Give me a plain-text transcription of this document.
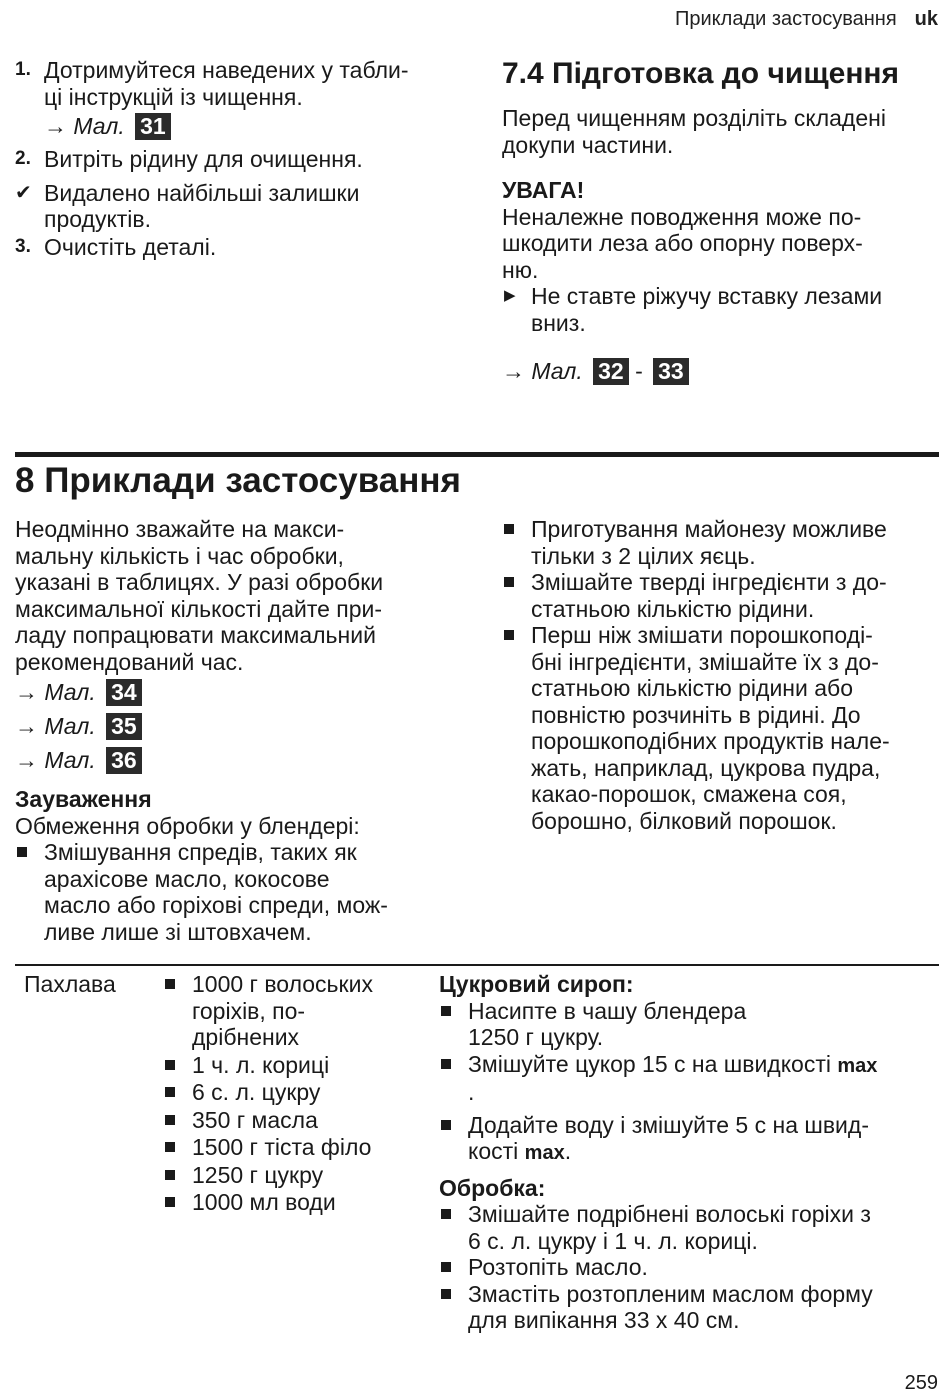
Приклади застосування uk
1. Дотримуйтеся наведених у табли-
ці інструкцій із чищення.
→ Мал. 31
2. Витріть рідину для очищення.
✔ Видалено найбільші залишки
продуктів.
3. Очистіть деталі.
7.4 Підготовка до чищення
Перед чищенням розділіть складені
докупи частини.
УВАГА!
Неналежне поводження може по-
шкодити леза або опорну поверх-
ню.
▶ Не ставте ріжучу вставку лезами
вниз.
→ Мал. 32 - 33
8 Приклади застосування
Неодмінно зважайте на макси-
мальну кількість і час обробки,
указані в таблицях. У разі обробки
максимальної кількості дайте при-
ладу попрацювати максимальний
рекомендований час.
→ Мал. 34
→ Мал. 35
→ Мал. 36
Зауваження
Обмеження обробки у блендері:
Змішування спредів, таких як
арахісове масло, кокосове
масло або горіхові спреди, мож-
ливе лише зі штовхачем.
Приготування майонезу можливе
тільки з 2 цілих яєць.
Змішайте тверді інгредієнти з до-
статньою кількістю рідини.
Перш ніж змішати порошкоподі-
бні інгредієнти, змішайте їх з до-
статньою кількістю рідини або
повністю розчиніть в рідині. До
порошкоподібних продуктів нале-
жать, наприклад, цукрова пудра,
какао-порошок, смажена соя,
борошно, білковий порошок.
Пахлава	1000 г волоських
горіхів, по-
дрібнених
1 ч. л. кориці
6 с. л. цукру
350 г масла
1500 г тіста філо
1250 г цукру
1000 мл води
Цукровий сироп:
Насипте в чашу блендера
1250 г цукру.
Змішуйте цукор 15 с на швидкості max
.
Додайте воду і змішуйте 5 с на швид-
кості max.
Обробка:
Змішайте подрібнені волоські горіхи з
6 с. л. цукру і 1 ч. л. кориці.
Розтопіть масло.
Змастіть розтопленим маслом форму
для випікання 33 x 40 см.
259
